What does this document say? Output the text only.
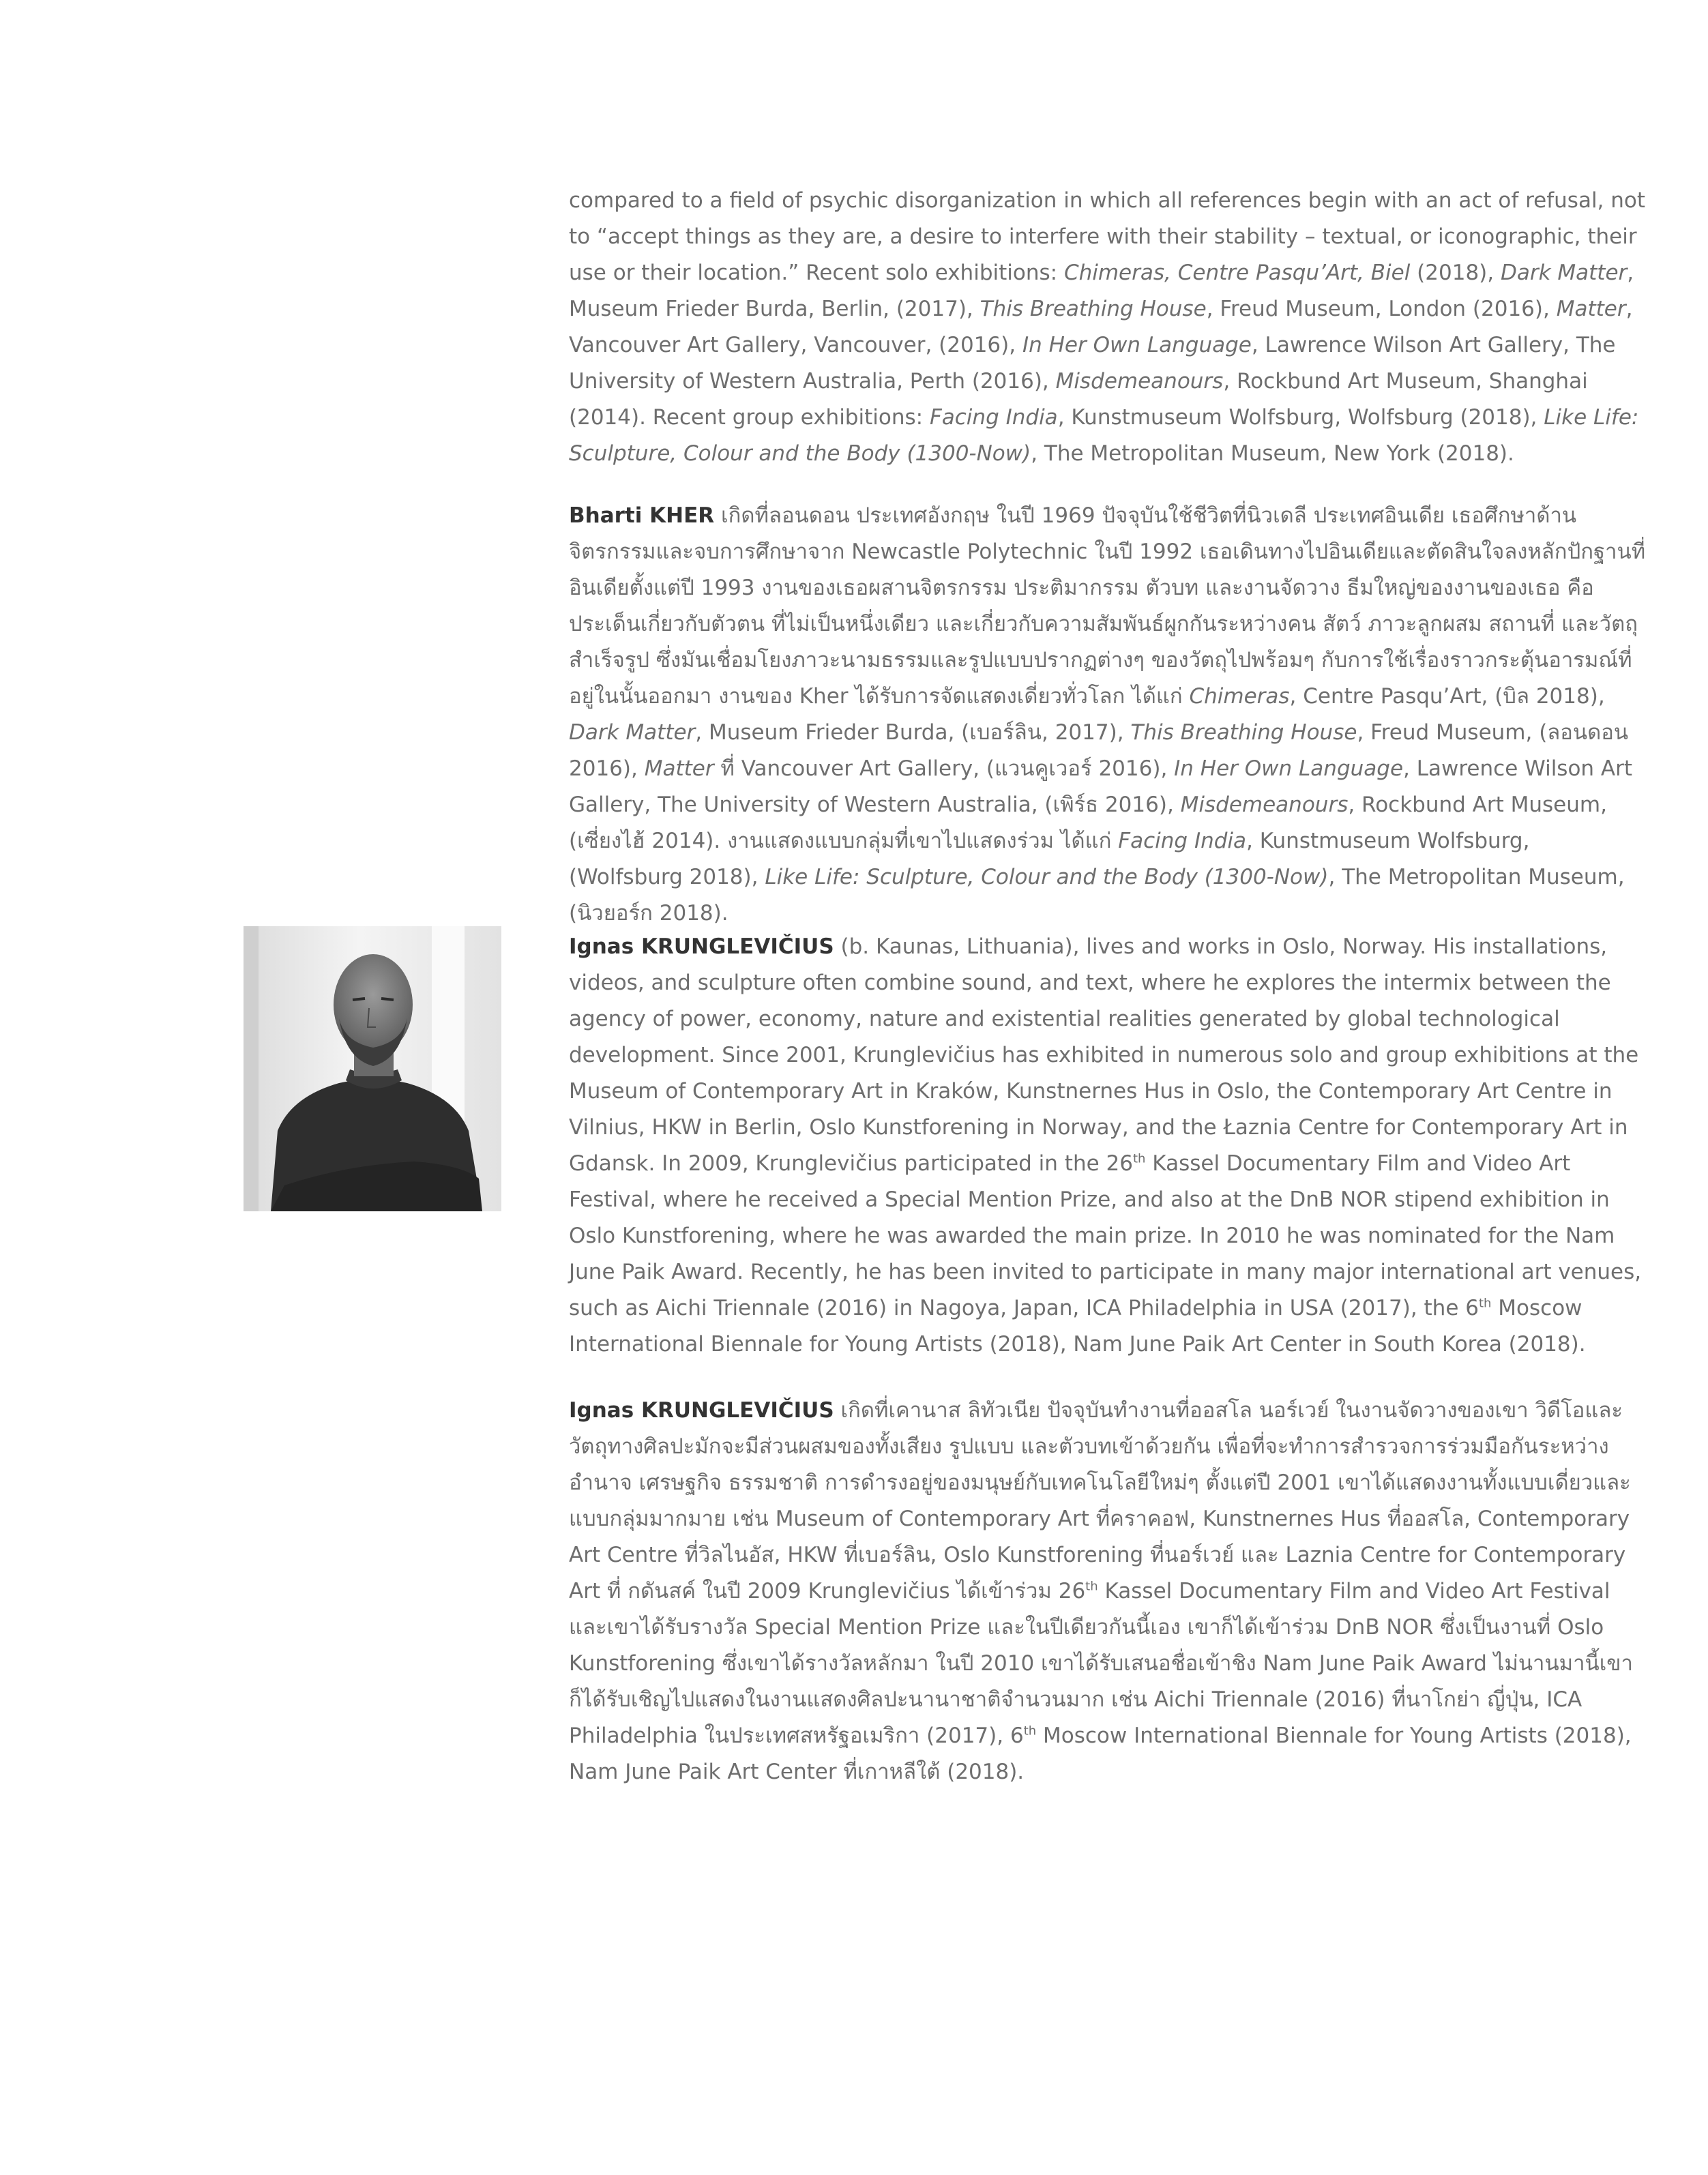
compared to a field of psychic disorganization in which all references begin with an act of refusal, not to “accept things as they are, a desire to interfere with their stability – textual, or iconographic, their use or their location.” Recent solo exhibitions: Chimeras, Centre Pasqu’Art, Biel (2018), Dark Matter, Museum Frieder Burda, Berlin, (2017), This Breathing House, Freud Museum, London (2016), Matter, Vancouver Art Gallery, Vancouver, (2016), In Her Own Language, Lawrence Wilson Art Gallery, The University of Western Australia, Perth (2016), Misdemeanours, Rockbund Art Museum, Shanghai (2014). Recent group exhibitions: Facing India, Kunstmuseum Wolfsburg, Wolfsburg (2018), Like Life: Sculpture, Colour and the Body (1300-Now), The Metropolitan Museum, New York (2018).

Bharti KHER เกิดที่ลอนดอน ประเทศอังกฤษ ในปี 1969 ปัจจุบันใช้ชีวิตที่นิวเดลี ประเทศอินเดีย เธอศึกษาด้านจิตรกรรมและจบการศึกษาจาก Newcastle Polytechnic ในปี 1992 เธอเดินทางไปอินเดียและตัดสินใจลงหลักปักฐานที่อินเดียตั้งแต่ปี 1993 งานของเธอผสานจิตรกรรม ประติมากรรม ตัวบท และงานจัดวาง ธีมใหญ่ของงานของเธอ คือประเด็นเกี่ยวกับตัวตน ที่ไม่เป็นหนึ่งเดียว และเกี่ยวกับความสัมพันธ์ผูกกันระหว่างคน สัตว์ ภาวะลูกผสม สถานที่ และวัตถุสำเร็จรูป ซึ่งมันเชื่อมโยงภาวะนามธรรมและรูปแบบปรากฏต่างๆ ของวัตถุไปพร้อมๆ กับการใช้เรื่องราวกระตุ้นอารมณ์ที่อยู่ในนั้นออกมา งานของ Kher ได้รับการจัดแสดงเดี่ยวทั่วโลก ได้แก่ Chimeras, Centre Pasqu’Art, (บิล 2018), Dark Matter, Museum Frieder Burda, (เบอร์ลิน, 2017), This Breathing House, Freud Museum, (ลอนดอน 2016), Matter ที่ Vancouver Art Gallery, (แวนคูเวอร์ 2016), In Her Own Language, Lawrence Wilson Art Gallery, The University of Western Australia, (เพิร์ธ 2016), Misdemeanours, Rockbund Art Museum, (เซี่ยงไฮ้ 2014). งานแสดงแบบกลุ่มที่เขาไปแสดงร่วม ได้แก่ Facing India, Kunstmuseum Wolfsburg, (Wolfsburg 2018), Like Life: Sculpture, Colour and the Body (1300-Now), The Metropolitan Museum, (นิวยอร์ก 2018).

Ignas KRUNGLEVIČIUS (b. Kaunas, Lithuania), lives and works in Oslo, Norway. His installations, videos, and sculpture often combine sound, and text, where he explores the intermix between the agency of power, economy, nature and existential realities generated by global technological development. Since 2001, Krunglevičius has exhibited in numerous solo and group exhibitions at the Museum of Contemporary Art in Kraków, Kunstnernes Hus in Oslo, the Contemporary Art Centre in Vilnius, HKW in Berlin, Oslo Kunstforening in Norway, and the Łaznia Centre for Contemporary Art in Gdansk. In 2009, Krunglevičius participated in the 26th Kassel Documentary Film and Video Art Festival, where he received a Special Mention Prize, and also at the DnB NOR stipend exhibition in Oslo Kunstforening, where he was awarded the main prize. In 2010 he was nominated for the Nam June Paik Award. Recently, he has been invited to participate in many major international art venues, such as Aichi Triennale (2016) in Nagoya, Japan, ICA Philadelphia in USA (2017), the 6th Moscow International Biennale for Young Artists (2018), Nam June Paik Art Center in South Korea (2018).

Ignas KRUNGLEVIČIUS เกิดที่เคานาส ลิทัวเนีย ปัจจุบันทำงานที่ออสโล นอร์เวย์ ในงานจัดวางของเขา วิดีโอและวัตถุทางศิลปะมักจะมีส่วนผสมของทั้งเสียง รูปแบบ และตัวบทเข้าด้วยกัน เพื่อที่จะทำการสำรวจการร่วมมือกันระหว่างอำนาจ เศรษฐกิจ ธรรมชาติ การดำรงอยู่ของมนุษย์กับเทคโนโลยีใหม่ๆ ตั้งแต่ปี 2001 เขาได้แสดงงานทั้งแบบเดี่ยวและแบบกลุ่มมากมาย เช่น Museum of Contemporary Art ที่คราคอฟ, Kunstnernes Hus ที่ออสโล, Contemporary Art Centre ที่วิลไนอัส, HKW ที่เบอร์ลิน, Oslo Kunstforening ที่นอร์เวย์ และ Laznia Centre for Contemporary Art ที่ กดันสค์ ในปี 2009 Krunglevičius ได้เข้าร่วม 26th Kassel Documentary Film and Video Art Festival และเขาได้รับรางวัล Special Mention Prize และในปีเดียวกันนี้เอง เขาก็ได้เข้าร่วม DnB NOR ซึ่งเป็นงานที่ Oslo Kunstforening ซึ่งเขาได้รางวัลหลักมา ในปี 2010 เขาได้รับเสนอชื่อเข้าชิง Nam June Paik Award ไม่นานมานี้เขาก็ได้รับเชิญไปแสดงในงานแสดงศิลปะนานาชาติจำนวนมาก เช่น Aichi Triennale (2016) ที่นาโกย่า ญี่ปุ่น, ICA Philadelphia ในประเทศสหรัฐอเมริกา (2017), 6th Moscow International Biennale for Young Artists (2018), Nam June Paik Art Center ที่เกาหลีใต้ (2018).
